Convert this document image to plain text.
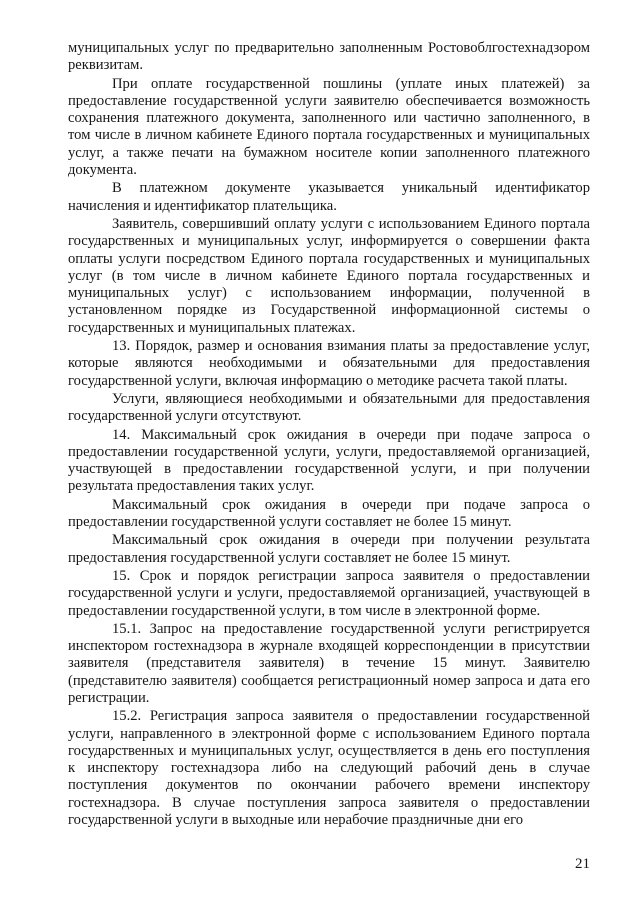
муниципальных услуг по предварительно заполненным Ростовоблгостехнадзором реквизитам.

При оплате государственной пошлины (уплате иных платежей) за предоставление государственной услуги заявителю обеспечивается возможность сохранения платежного документа, заполненного или частично заполненного, в том числе в личном кабинете Единого портала государственных и муниципальных услуг, а также печати на бумажном носителе копии заполненного платежного документа.

В платежном документе указывается уникальный идентификатор начисления и идентификатор плательщика.

Заявитель, совершивший оплату услуги с использованием Единого портала государственных и муниципальных услуг, информируется о совершении факта оплаты услуги посредством Единого портала государственных и муниципальных услуг (в том числе в личном кабинете Единого портала государственных и муниципальных услуг) с использованием информации, полученной в установленном порядке из Государственной информационной системы о государственных и муниципальных платежах.

13. Порядок, размер и основания взимания платы за предоставление услуг, которые являются необходимыми и обязательными для предоставления государственной услуги, включая информацию о методике расчета такой платы.

Услуги, являющиеся необходимыми и обязательными для предоставления государственной услуги отсутствуют.

14. Максимальный срок ожидания в очереди при подаче запроса о предоставлении государственной услуги, услуги, предоставляемой организацией, участвующей в предоставлении государственной услуги, и при получении результата предоставления таких услуг.

Максимальный срок ожидания в очереди при подаче запроса о предоставлении государственной услуги составляет не более 15 минут.

Максимальный срок ожидания в очереди при получении результата предоставления государственной услуги составляет не более 15 минут.

15. Срок и порядок регистрации запроса заявителя о предоставлении государственной услуги и услуги, предоставляемой организацией, участвующей в предоставлении государственной услуги, в том числе в электронной форме.

15.1. Запрос на предоставление государственной услуги регистрируется инспектором гостехнадзора в журнале входящей корреспонденции в присутствии заявителя (представителя заявителя) в течение 15 минут. Заявителю (представителю заявителя) сообщается регистрационный номер запроса и дата его регистрации.

15.2. Регистрация запроса заявителя о предоставлении государственной услуги, направленного в электронной форме с использованием Единого портала государственных и муниципальных услуг, осуществляется в день его поступления к инспектору гостехнадзора либо на следующий рабочий день в случае поступления документов по окончании рабочего времени инспектору гостехнадзора. В случае поступления запроса заявителя о предоставлении государственной услуги в выходные или нерабочие праздничные дни его

21
